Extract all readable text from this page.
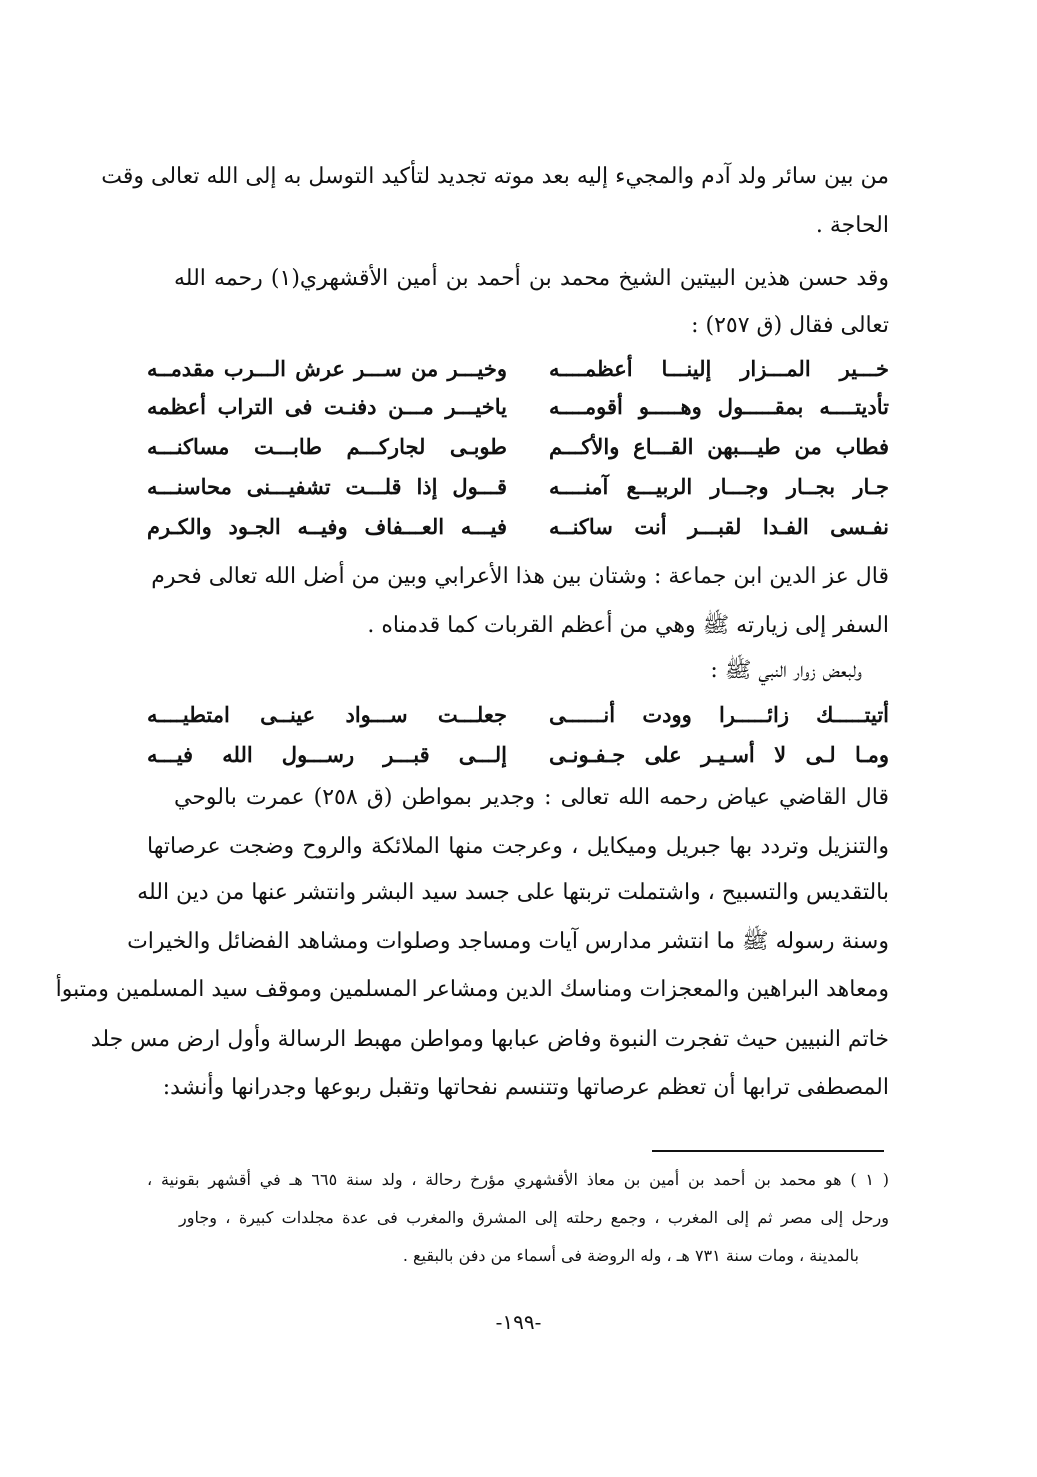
من بين سائر ولد آدم والمجيء إليه بعد موته تجديد لتأكيد التوسل به إلى الله تعالى وقت
الحاجة .
وقد حسن هذين البيتين الشيخ محمد بن أحمد بن أمين الأقشهري(١) رحمه الله
تعالى فقال (ق ٢٥٧) :
خـــير المـــزار إلينـــا أعظمــــه
وخيـــر من ســـر عرش الـــرب مقدمــه
تأديتــــه بمقـــــول وهـــــو أقومــــه
ياخيـــر مـــن دفنـت فى التراب أعظمه
فطاب من طيـــبهن القـــاع والأكـــم
طوبـى لجاركـــم طابـــت مساكنـــه
جـار بجــار وجـــار الربيـــع آمنــــه
قـــول إذا قلـــت تشفيـــنى محاسنـــه
نفـسى الفـدا لقبـــر أنت ساكنــه
فيـــه العـــفاف وفيــه الجـود والكـرم
قال عز الدين ابن جماعة : وشتان بين هذا الأعرابي وبين من أضل الله تعالى فحرم
السفر إلى زيارته ﷺ وهي من أعظم القربات كما قدمناه .
ولبعض زوار النبي ﷺ :
أتيتـــــك زائـــــرا وودت أنــــــى
جعلـــت ســـواد عينــى امتطيــــه
ومـا لـى لا أسـيـر على جـفـونـى
إلـــى قبـــر رســـول الله فيـــه
قال القاضي عياض رحمه الله تعالى : وجدير بمواطن (ق ٢٥٨) عمرت بالوحي
والتنزيل وتردد بها جبريل وميكايل ، وعرجت منها الملائكة والروح وضجت عرصاتها
بالتقديس والتسبيح ، واشتملت تربتها على جسد سيد البشر وانتشر عنها من دين الله
وسنة رسوله ﷺ ما انتشر مدارس آيات ومساجد وصلوات ومشاهد الفضائل والخيرات
ومعاهد البراهين والمعجزات ومناسك الدين ومشاعر المسلمين وموقف سيد المسلمين ومتبوأ
خاتم النبيين حيث تفجرت النبوة وفاض عبابها ومواطن مهبط الرسالة وأول ارض مس جلد
المصطفى ترابها أن تعظم عرصاتها وتتنسم نفحاتها وتقبل ربوعها وجدرانها وأنشد:
( ١ ) هو محمد بن أحمد بن أمين بن معاذ الأقشهري مؤرخ رحالة ، ولد سنة ٦٦٥ هـ في أقشهر بقونية ،
ورحل إلى مصر ثم إلى المغرب ، وجمع رحلته إلى المشرق والمغرب فى عدة مجلدات كبيرة ، وجاور
بالمدينة ، ومات سنة ٧٣١ هـ ، وله الروضة فى أسماء من دفن بالبقيع .
-١٩٩-
